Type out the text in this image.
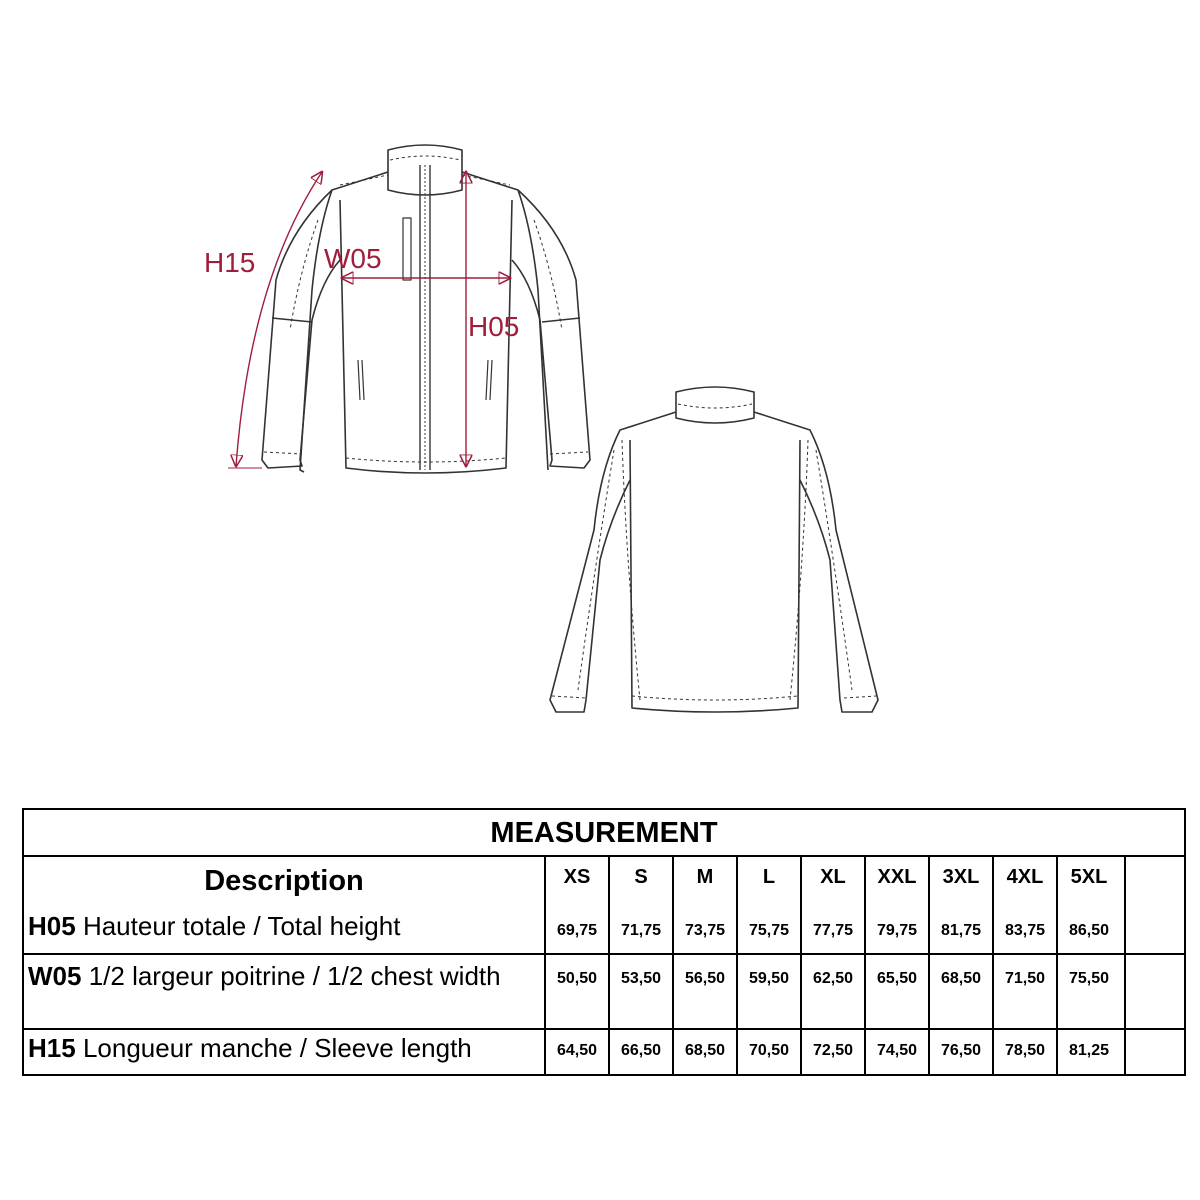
H15 W05
H05
MEASUREMENT
Description	XS	S	M	L	XL	XXL	3XL	4XL	5XL
H05 Hauteur totale / Total height	69,75	71,75	73,75	75,75	77,75	79,75	81,75	83,75	86,50
W05 1/2 largeur poitrine / 1/2 chest width	50,50	53,50	56,50	59,50	62,50	65,50	68,50	71,50	75,50
H15 Longueur manche / Sleeve length	64,50	66,50	68,50	70,50	72,50	74,50	76,50	78,50	81,25
